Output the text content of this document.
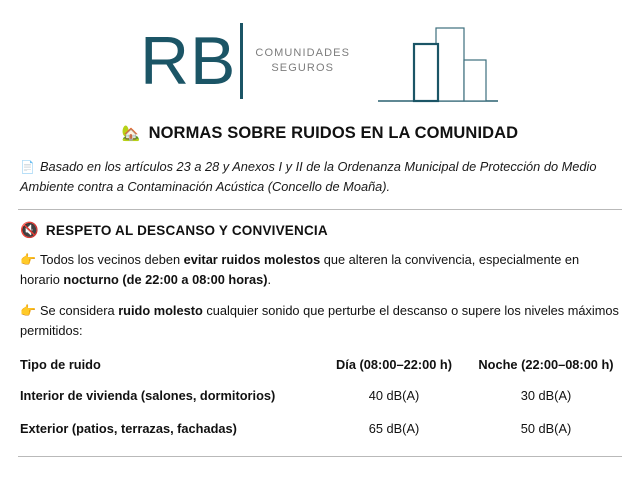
RB COMUNIDADES
SEGUROS
🏡 NORMAS SOBRE RUIDOS EN LA COMUNIDAD
📄 Basado en los artículos 23 a 28 y Anexos I y II de la Ordenanza Municipal de Protección do Medio Ambiente contra a Contaminación Acústica (Concello de Moaña).
🔇 RESPETO AL DESCANSO Y CONVIVENCIA
👉 Todos los vecinos deben evitar ruidos molestos que alteren la convivencia, especialmente en horario nocturno (de 22:00 a 08:00 horas).
👉 Se considera ruido molesto cualquier sonido que perturbe el descanso o supere los niveles máximos permitidos:
Tipo de ruido	Día (08:00–22:00 h)	Noche (22:00–08:00 h)
Interior de vivienda (salones, dormitorios)	40 dB(A)	30 dB(A)
Exterior (patios, terrazas, fachadas)	65 dB(A)	50 dB(A)
